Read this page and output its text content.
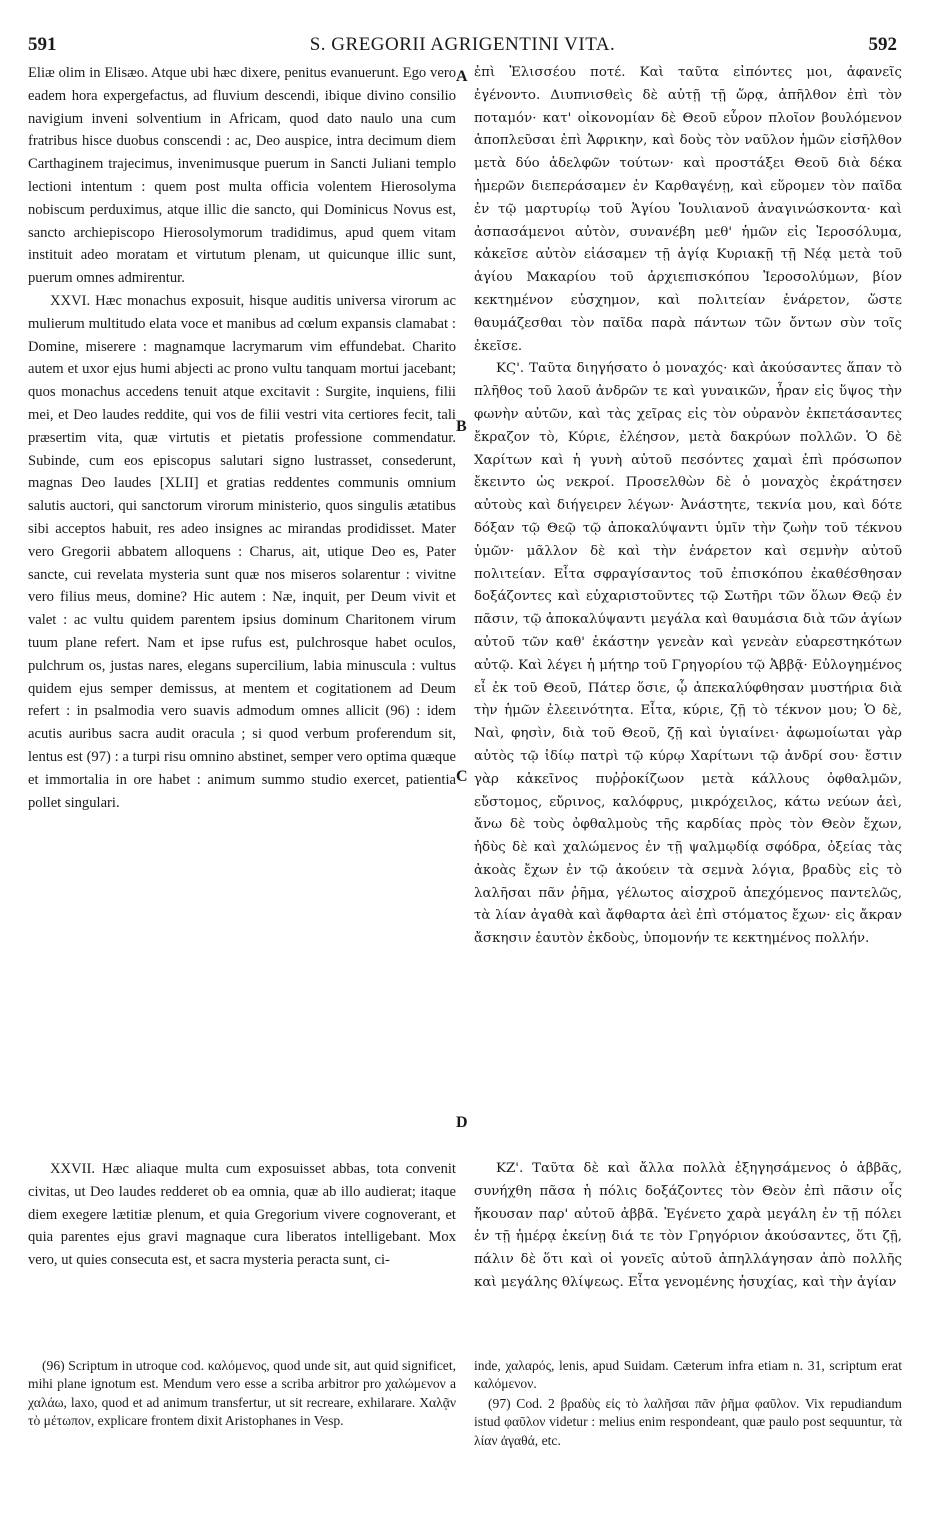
591	S. GREGORII AGRIGENTINI VITA.	592
A
B
C
D

Eliæ olim in Elisæo. Atque ubi hæc dixere, penitus evanuerunt. Ego vero eadem hora expergefactus, ad fluvium descendi, ibique divino consilio navigium inveni solventium in Africam, quod dato naulo una cum fratribus hisce duobus conscendi : ac, Deo auspice, intra decimum diem Carthaginem trajecimus, invenimusque puerum in Sancti Juliani templo lectioni intentum : quem post multa officia volentem Hierosolyma nobiscum perduximus, atque illic die sancto, qui Dominicus Novus est, sancto archiepiscopo Hierosolymorum tradidimus, apud quem vitam instituit adeo moratam et virtutum plenam, ut quicunque illic sunt, puerum omnes admirentur.

XXVI. Hæc monachus exposuit, hisque auditis universa virorum ac mulierum multitudo elata voce et manibus ad cœlum expansis clamabat : Domine, miserere : magnamque lacrymarum vim effundebat. Charito autem et uxor ejus humi abjecti ac prono vultu tanquam mortui jacebant; quos monachus accedens tenuit atque excitavit : Surgite, inquiens, filii mei, et Deo laudes reddite, qui vos de filii vestri vita certiores fecit, tali præsertim vita, quæ virtutis et pietatis professione commendatur. Subinde, cum eos episcopus salutari signo lustrasset, consederunt, magnas Deo laudes [XLII] et gratias reddentes communis omnium salutis auctori, qui sanctorum virorum ministerio, quos singulis ætatibus sibi acceptos habuit, res adeo insignes ac mirandas prodidisset. Mater vero Gregorii abbatem alloquens : Charus, ait, utique Deo es, Pater sancte, cui revelata mysteria sunt quæ nos miseros solarentur : vivitne vero filius meus, domine? Hic autem : Næ, inquit, per Deum vivit et valet : ac vultu quidem parentem ipsius dominum Charitonem virum tuum plane refert. Nam et ipse rufus est, pulchrosque habet oculos, pulchrum os, justas nares, elegans supercilium, labia minuscula : vultus quidem ejus semper demissus, at mentem et cogitationem ad Deum refert : in psalmodia vero suavis admodum omnes allicit (96) : idem acutis auribus sacra audit oracula ; si quod verbum proferendum sit, lentus est (97) : a turpi risu omnino abstinet, semper vero optima quæque et immortalia in ore habet : animum summo studio exercet, patientia pollet singulari.

ἐπὶ Ἐλισσέου ποτέ. Καὶ ταῦτα εἰπόντες μοι, ἀφανεῖς ἐγένοντο. Διυπνισθεὶς δὲ αὐτῇ τῇ ὥρᾳ, ἀπῆλθον ἐπὶ τὸν ποταμόν· κατ' οἰκονομίαν δὲ Θεοῦ εὗρον πλοῖον βουλόμενον ἀποπλεῦσαι ἐπὶ Ἀφρικην, καὶ δοὺς τὸν ναῦλον ἡμῶν εἰσῆλθον μετὰ δύο ἀδελφῶν τούτων· καὶ προστάξει Θεοῦ διὰ δέκα ἡμερῶν διεπεράσαμεν ἐν Καρθαγένῃ, καὶ εὕρομεν τὸν παῖδα ἐν τῷ μαρτυρίῳ τοῦ Ἁγίου Ἰουλιανοῦ ἀναγινώσκοντα· καὶ ἀσπασάμενοι αὐτὸν, συνανέβη μεθ' ἡμῶν εἰς Ἱεροσόλυμα, κἀκεῖσε αὐτὸν εἰάσαμεν τῇ ἁγίᾳ Κυριακῇ τῇ Νέᾳ μετὰ τοῦ ἁγίου Μακαρίου τοῦ ἀρχιεπισκόπου Ἱεροσολύμων, βίον κεκτημένον εὐσχημον, καὶ πολιτείαν ἐνάρετον, ὥστε θαυμάζεσθαι τὸν παῖδα παρὰ πάντων τῶν ὄντων σὺν τοῖς ἐκεῖσε.

ΚϚ'. Ταῦτα διηγήσατο ὁ μοναχός· καὶ ἀκούσαντες ἅπαν τὸ πλῆθος τοῦ λαοῦ ἀνδρῶν τε καὶ γυναικῶν, ἦραν εἰς ὕψος τὴν φωνὴν αὐτῶν, καὶ τὰς χεῖρας εἰς τὸν οὐρανὸν ἐκπετάσαντες ἔκραζον τὸ, Κύριε, ἐλέησον, μετὰ δακρύων πολλῶν. Ὁ δὲ Χαρίτων καὶ ἡ γυνὴ αὐτοῦ πεσόντες χαμαὶ ἐπὶ πρόσωπον ἔκειντο ὡς νεκροί. Προσελθὼν δὲ ὁ μοναχὸς ἐκράτησεν αὐτοὺς καὶ διήγειρεν λέγων· Ἀνάστητε, τεκνία μου, καὶ δότε δόξαν τῷ Θεῷ τῷ ἀποκαλύψαντι ὑμῖν τὴν ζωὴν τοῦ τέκνου ὑμῶν· μᾶλλον δὲ καὶ τὴν ἐνάρετον καὶ σεμνὴν αὐτοῦ πολιτείαν. Εἶτα σφραγίσαντος τοῦ ἐπισκόπου ἐκαθέσθησαν δοξάζοντες καὶ εὐχαριστοῦντες τῷ Σωτῆρι τῶν ὅλων Θεῷ ἐν πᾶσιν, τῷ ἀποκαλύψαντι μεγάλα καὶ θαυμάσια διὰ τῶν ἁγίων αὐτοῦ τῶν καθ' ἑκάστην γενεὰν καὶ γενεὰν εὐαρεστηκότων αὐτῷ. Καὶ λέγει ἡ μήτηρ τοῦ Γρηγορίου τῷ Ἀββᾷ· Εὐλογημένος εἶ ἐκ τοῦ Θεοῦ, Πάτερ ὅσιε, ᾧ ἀπεκαλύφθησαν μυστήρια διὰ τὴν ἡμῶν ἐλεεινότητα. Εἶτα, κύριε, ζῇ τὸ τέκνον μου; Ὁ δὲ, Ναὶ, φησὶν, διὰ τοῦ Θεοῦ, ζῇ καὶ ὑγιαίνει· ἀφωμοίωται γὰρ αὐτὸς τῷ ἰδίῳ πατρὶ τῷ κύρῳ Χαρίτωνι τῷ ἀνδρί σου· ἔστιν γὰρ κἀκεῖνος πυῤῥοκίζωον μετὰ κάλλους ὀφθαλμῶν, εὔστομος, εὔρινος, καλόφρυς, μικρόχειλος, κάτω νεύων ἀεὶ, ἄνω δὲ τοὺς ὀφθαλμοὺς τῆς καρδίας πρὸς τὸν Θεὸν ἔχων, ἡδὺς δὲ καὶ χαλώμενος ἐν τῇ ψαλμῳδίᾳ σφόδρα, ὀξείας τὰς ἀκοὰς ἔχων ἐν τῷ ἀκούειν τὰ σεμνὰ λόγια, βραδὺς εἰς τὸ λαλῆσαι πᾶν ῥῆμα, γέλωτος αἰσχροῦ ἀπεχόμενος παντελῶς, τὰ λίαν ἀγαθὰ καὶ ἄφθαρτα ἀεὶ ἐπὶ στόματος ἔχων· εἰς ἄκραν ἄσκησιν ἑαυτὸν ἐκδοὺς, ὑπομονήν τε κεκτημένος πολλήν.

XXVII. Hæc aliaque multa cum exposuisset abbas, tota convenit civitas, ut Deo laudes redderet ob ea omnia, quæ ab illo audierat; itaque diem exegere lætitiæ plenum, et quia Gregorium vivere cognoverant, et quia parentes ejus gravi magnaque cura liberatos intelligebant. Mox vero, ut quies consecuta est, et sacra mysteria peracta sunt, ci-

ΚΖ'. Ταῦτα δὲ καὶ ἄλλα πολλὰ ἐξηγησάμενος ὁ ἀββᾶς, συνήχθη πᾶσα ἡ πόλις δοξάζοντες τὸν Θεὸν ἐπὶ πᾶσιν οἷς ἤκουσαν παρ' αὐτοῦ ἀββᾶ. Ἐγένετο χαρὰ μεγάλη ἐν τῇ πόλει ἐν τῇ ἡμέρᾳ ἐκείνῃ διά τε τὸν Γρηγόριον ἀκούσαντες, ὅτι ζῇ, πάλιν δὲ ὅτι καὶ οἱ γονεῖς αὐτοῦ ἀπηλλάγησαν ἀπὸ πολλῆς καὶ μεγάλης θλίψεως. Εἶτα γενομένης ἡσυχίας, καὶ τὴν ἁγίαν

(96) Scriptum in utroque cod. καλόμενος, quod unde sit, aut quid significet, mihi plane ignotum est. Mendum vero esse a scriba arbitror pro χαλώμενον a χαλάω, laxo, quod et ad animum transfertur, ut sit recreare, exhilarare. Χαλᾷν τὸ μέτωπον, explicare frontem dixit Aristophanes in Vesp.

inde, χαλαρός, lenis, apud Suidam. Cæterum infra etiam n. 31, scriptum erat καλόμενον.

(97) Cod. 2 βραδὺς εἰς τὸ λαλῆσαι πᾶν ῥῆμα φαῦλον. Vix repudiandum istud φαῦλον videtur : melius enim respondeant, quæ paulo post sequuntur, τὰ λίαν ἀγαθά, etc.
